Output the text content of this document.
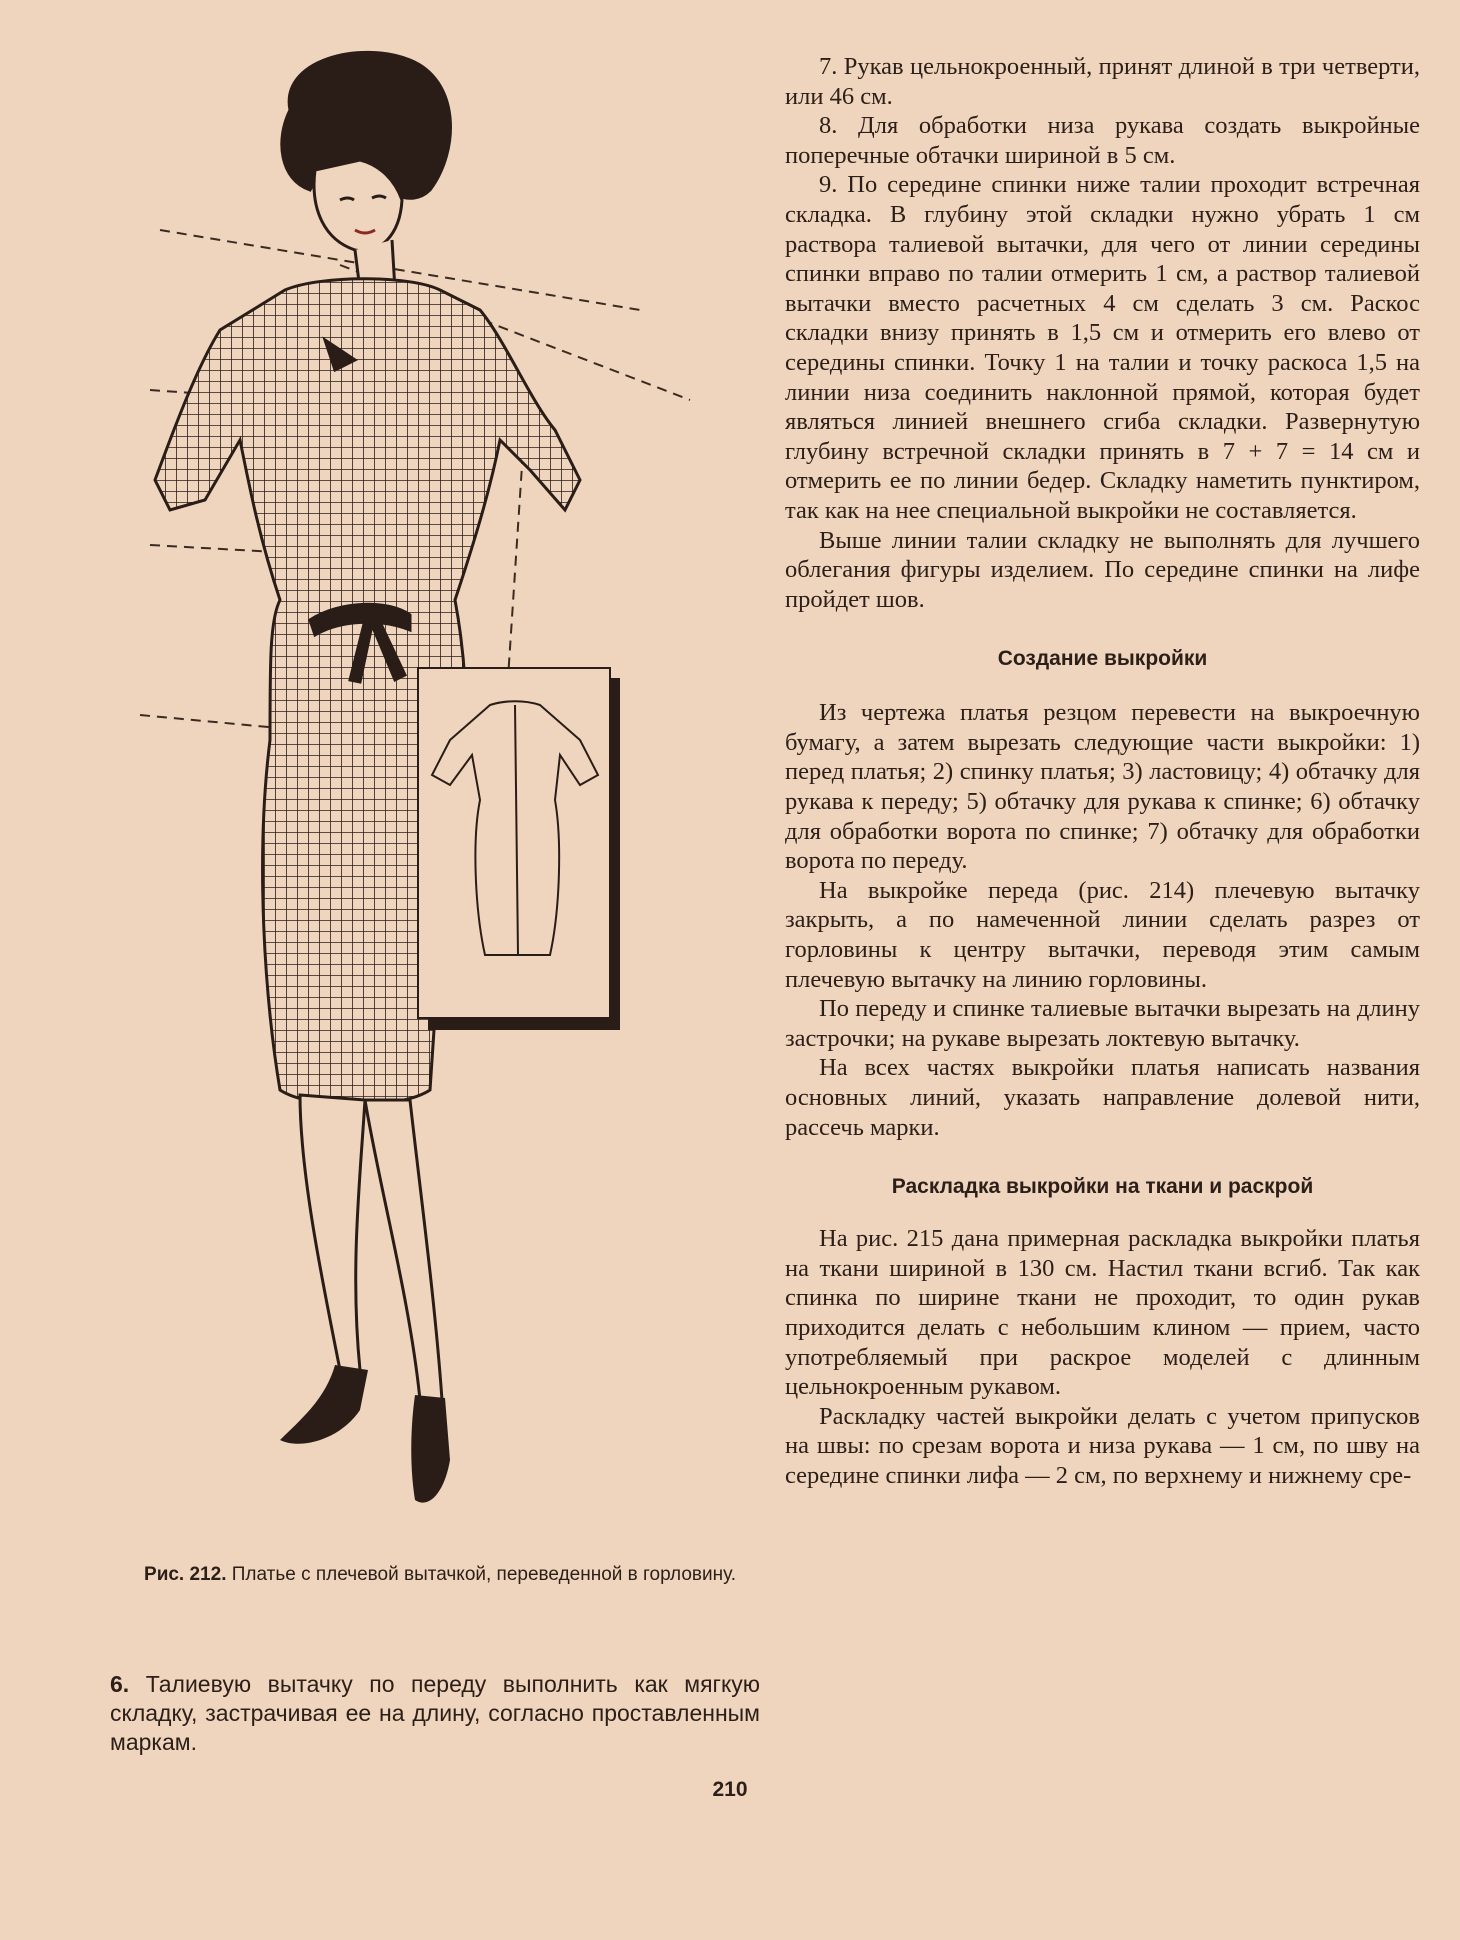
Рис. 212. Платье с плечевой вытачкой, переведенной в горловину.
6. Талиевую вытачку по переду выполнить как мягкую складку, застрачивая ее на длину, согласно проставленным маркам.

7. Рукав цельнокроенный, принят длиной в три четверти, или 46 см.

8. Для обработки низа рукава создать выкройные поперечные обтачки шириной в 5 см.

9. По середине спинки ниже талии проходит встречная складка. В глубину этой складки нужно убрать 1 см раствора талиевой вытачки, для чего от линии середины спинки вправо по талии отмерить 1 см, а раствор талиевой вытачки вместо расчетных 4 см сделать 3 см. Раскос складки внизу принять в 1,5 см и отмерить его влево от середины спинки. Точку 1 на талии и точку раскоса 1,5 на линии низа соединить наклонной прямой, которая будет являться линией внешнего сгиба складки. Развернутую глубину встречной складки принять в 7 + 7 = 14 см и отмерить ее по линии бедер. Складку наметить пунктиром, так как на нее специальной выкройки не составляется.

Выше линии талии складку не выполнять для лучшего облегания фигуры изделием. По середине спинки на лифе пройдет шов.

Создание выкройки

Из чертежа платья резцом перевести на выкроечную бумагу, а затем вырезать следующие части выкройки: 1) перед платья; 2) спинку платья; 3) ластовицу; 4) обтачку для рукава к переду; 5) обтачку для рукава к спинке; 6) обтачку для обработки ворота по спинке; 7) обтачку для обработки ворота по переду.

На выкройке переда (рис. 214) плечевую вытачку закрыть, а по намеченной линии сделать разрез от горловины к центру вытачки, переводя этим самым плечевую вытачку на линию горловины.

По переду и спинке талиевые вытачки вырезать на длину застрочки; на рукаве вырезать локтевую вытачку.

На всех частях выкройки платья написать названия основных линий, указать направление долевой нити, рассечь марки.

Раскладка выкройки на ткани и раскрой

На рис. 215 дана примерная раскладка выкройки платья на ткани шириной в 130 см. Настил ткани всгиб. Так как спинка по ширине ткани не проходит, то один рукав приходится делать с небольшим клином — прием, часто употребляемый при раскрое моделей с длинным цельнокроенным рукавом.

Раскладку частей выкройки делать с учетом припусков на швы: по срезам ворота и низа рукава — 1 см, по шву на середине спинки лифа — 2 см, по верхнему и нижнему сре-

210
